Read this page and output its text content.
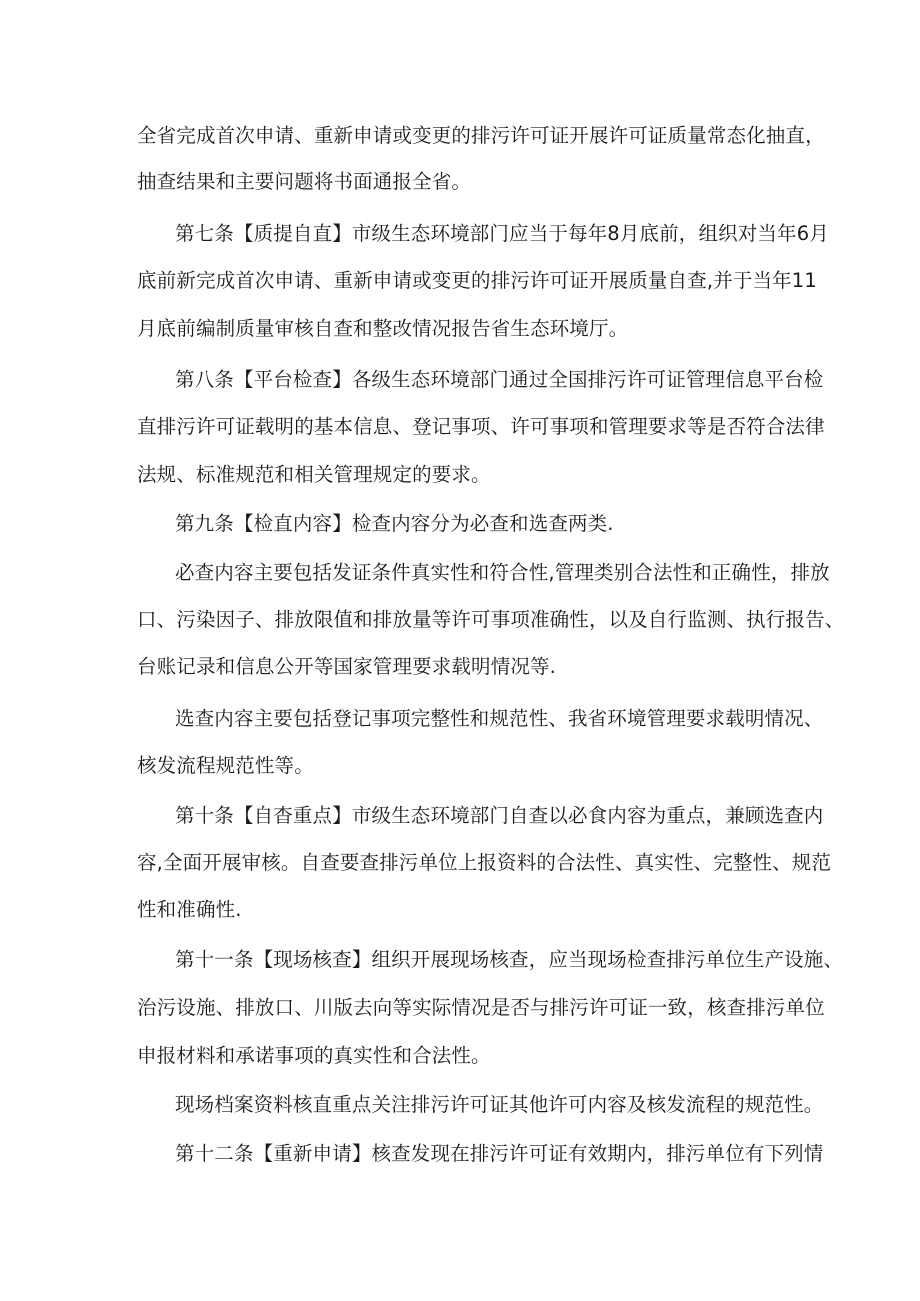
全省完成首次申请、重新申请或变更的排污许可证开展许可证质量常态化抽直，
抽查结果和主要问题将书面通报全省。
第七条【质提自直】市级生态环境部门应当于每年8月底前，组织对当年6月
底前新完成首次申请、重新申请或变更的排污许可证开展质量自查,并于当年11
月底前编制质量审核自查和整改情况报告省生态环境厅。
第八条【平台检查】各级生态环境部门通过全国排污许可证管理信息平台检
直排污许可证载明的基本信息、登记事项、许可事项和管理要求等是否符合法律
法规、标准规范和相关管理规定的要求。
第九条【检直内容】检查内容分为必查和选查两类.
必查内容主要包括发证条件真实性和符合性,管理类别合法性和正确性，排放
口、污染因子、排放限值和排放量等许可事项准确性，以及自行监测、执行报告、
台账记录和信息公开等国家管理要求载明情况等.
选查内容主要包括登记事项完整性和规范性、我省环境管理要求载明情况、
核发流程规范性等。
第十条【自杳重点】市级生态环境部门自查以必食内容为重点，兼顾选查内
容,全面开展审核。自查要查排污单位上报资料的合法性、真实性、完整性、规范
性和准确性.
第十一条【现场核查】组织开展现场核查，应当现场检查排污单位生产设施、
治污设施、排放口、川版去向等实际情况是否与排污许可证一致，核查排污单位
申报材料和承诺事项的真实性和合法性。
现场档案资料核直重点关注排污许可证其他许可内容及核发流程的规范性。
第十二条【重新申请】核查发现在排污许可证有效期内，排污单位有下列情
